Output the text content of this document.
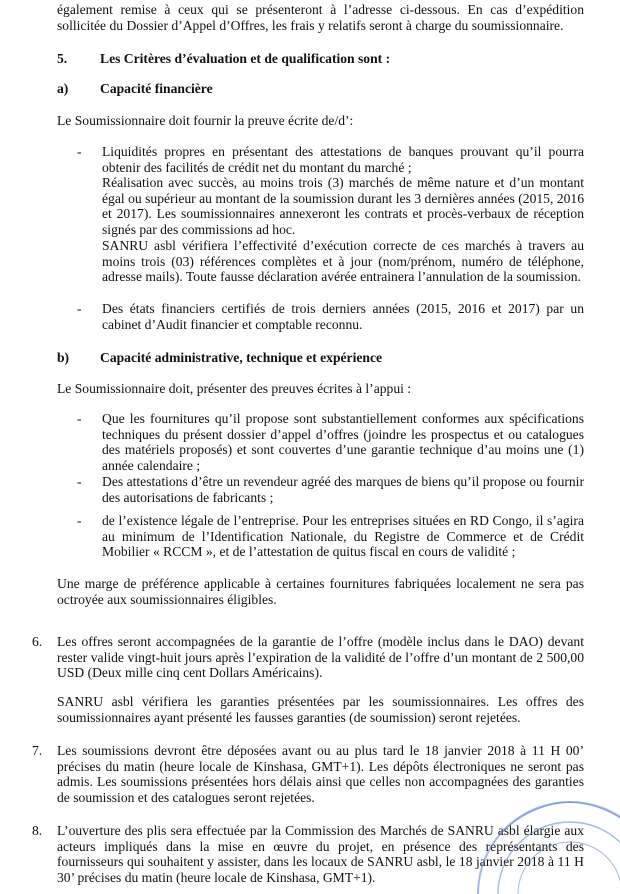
également remise à ceux qui se présenteront à l’adresse ci-dessous. En cas d’expédition sollicitée du Dossier d’Appel d’Offres, les frais y relatifs seront à charge du soumissionnaire.

5. Les Critères d’évaluation et de qualification sont :
a) Capacité financière

Le Soumissionnaire doit fournir la preuve écrite de/d’:

- Liquidités propres en présentant des attestations de banques prouvant qu’il pourra obtenir des facilités de crédit net du montant du marché ;

Réalisation avec succès, au moins trois (3) marchés de même nature et d’un montant égal ou supérieur au montant de la soumission durant les 3 dernières années (2015, 2016 et 2017). Les soumissionnaires annexeront les contrats et procès-verbaux de réception signés par des commissions ad hoc.

SANRU asbl vérifiera l’effectivité d’exécution correcte de ces marchés à travers au moins trois (03) références complètes et à jour (nom/prénom, numéro de téléphone, adresse mails). Toute fausse déclaration avérée entrainera l’annulation de la soumission.

- Des états financiers certifiés de trois derniers années (2015, 2016 et 2017) par un cabinet d’Audit financier et comptable reconnu.

b) Capacité administrative, technique et expérience

Le Soumissionnaire doit, présenter des preuves écrites à l’appui :

- Que les fournitures qu’il propose sont substantiellement conformes aux spécifications techniques du présent dossier d’appel d’offres (joindre les prospectus et ou catalogues des matériels proposés) et sont couvertes d’une garantie technique d’au moins une (1) année calendaire ;

- Des attestations d’être un revendeur agréé des marques de biens qu’il propose ou fournir des autorisations de fabricants ;

- de l’existence légale de l’entreprise. Pour les entreprises situées en RD Congo, il s’agira au minimum de l’Identification Nationale, du Registre de Commerce et de Crédit Mobilier « RCCM », et de l’attestation de quitus fiscal en cours de validité ;

Une marge de préférence applicable à certaines fournitures fabriquées localement ne sera pas octroyée aux soumissionnaires éligibles.

6. Les offres seront accompagnées de la garantie de l’offre (modèle inclus dans le DAO) devant rester valide vingt-huit jours après l’expiration de la validité de l’offre d’un montant de 2 500,00 USD (Deux mille cinq cent Dollars Américains).

SANRU asbl vérifiera les garanties présentées par les soumissionnaires. Les offres des soumissionnaires ayant présenté les fausses garanties (de soumission) seront rejetées.

7. Les soumissions devront être déposées avant ou au plus tard le 18 janvier 2018 à 11 H 00’ précises du matin (heure locale de Kinshasa, GMT+1). Les dépôts électroniques ne seront pas admis. Les soumissions présentées hors délais ainsi que celles non accompagnées des garanties de soumission et des catalogues seront rejetées.

8. L’ouverture des plis sera effectuée par la Commission des Marchés de SANRU asbl élargie aux acteurs impliqués dans la mise en œuvre du projet, en présence des représentants des fournisseurs qui souhaitent y assister, dans les locaux de SANRU asbl, le 18 janvier 2018 à 11 H 30’ précises du matin (heure locale de Kinshasa, GMT+1).
